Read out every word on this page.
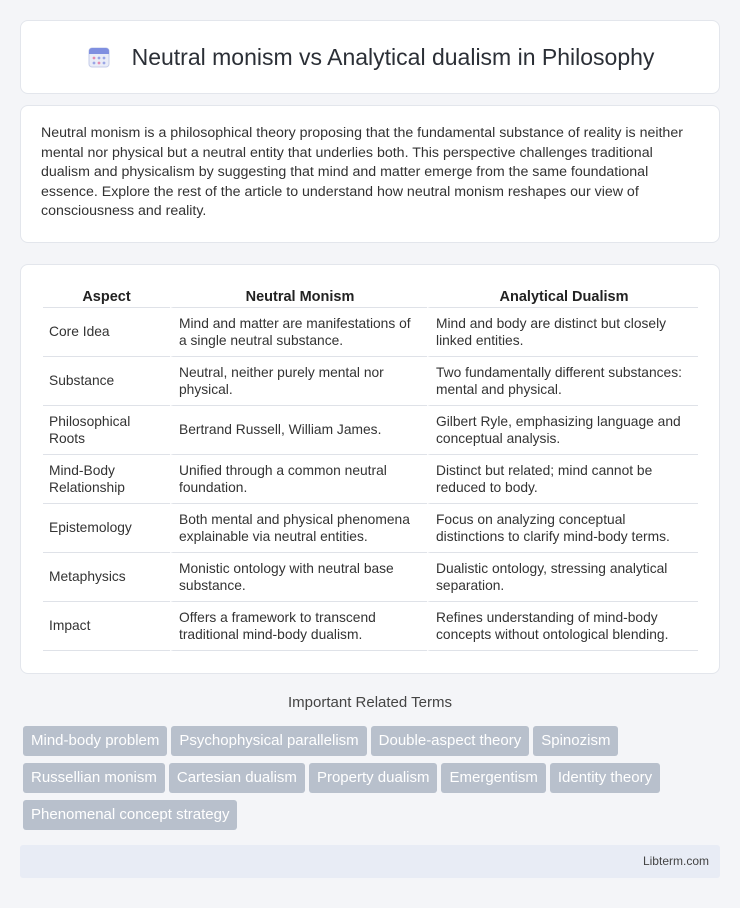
Neutral monism vs Analytical dualism in Philosophy

Neutral monism is a philosophical theory proposing that the fundamental substance of reality is neither mental nor physical but a neutral entity that underlies both. This perspective challenges traditional dualism and physicalism by suggesting that mind and matter emerge from the same foundational essence. Explore the rest of the article to understand how neutral monism reshapes our view of consciousness and reality.

Aspect	Neutral Monism	Analytical Dualism
Core Idea	Mind and matter are manifestations of a single neutral substance.	Mind and body are distinct but closely linked entities.
Substance	Neutral, neither purely mental nor physical.	Two fundamentally different substances: mental and physical.
Philosophical Roots	Bertrand Russell, William James.	Gilbert Ryle, emphasizing language and conceptual analysis.
Mind-Body Relationship	Unified through a common neutral foundation.	Distinct but related; mind cannot be reduced to body.
Epistemology	Both mental and physical phenomena explainable via neutral entities.	Focus on analyzing conceptual distinctions to clarify mind-body terms.
Metaphysics	Monistic ontology with neutral base substance.	Dualistic ontology, stressing analytical separation.
Impact	Offers a framework to transcend traditional mind-body dualism.	Refines understanding of mind-body concepts without ontological blending.
Important Related Terms
Mind-body problem Psychophysical parallelism Double-aspect theory Spinozism
Russellian monism Cartesian dualism Property dualism Emergentism Identity theory
Phenomenal concept strategy
Libterm.com
